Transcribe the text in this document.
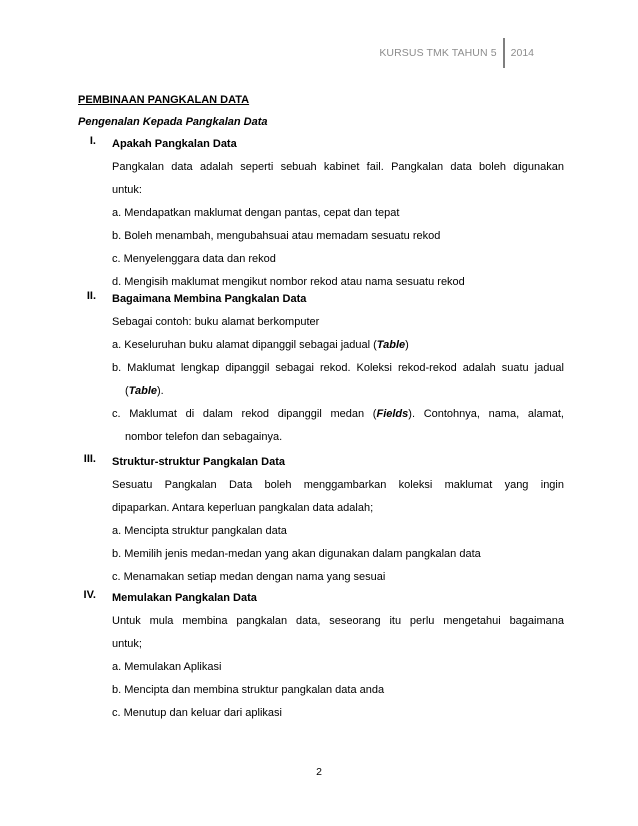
KURSUS TMK TAHUN 5	2014
PEMBINAAN PANGKALAN DATA
Pengenalan Kepada Pangkalan Data
I. Apakah Pangkalan Data
Pangkalan data adalah seperti sebuah kabinet fail. Pangkalan data boleh digunakan
untuk:
a. Mendapatkan maklumat dengan pantas, cepat dan tepat
b. Boleh menambah, mengubahsuai atau memadam sesuatu rekod
c. Menyelenggara data dan rekod
d. Mengisih maklumat mengikut nombor rekod atau nama sesuatu rekod
II. Bagaimana Membina Pangkalan Data
Sebagai contoh: buku alamat berkomputer
a. Keseluruhan buku alamat dipanggil sebagai jadual (Table)
b. Maklumat lengkap dipanggil sebagai rekod. Koleksi rekod-rekod adalah suatu jadual
(Table).
c. Maklumat di dalam rekod dipanggil medan (Fields). Contohnya, nama, alamat,
nombor telefon dan sebagainya.
III. Struktur-struktur Pangkalan Data
Sesuatu Pangkalan Data boleh menggambarkan koleksi maklumat yang ingin
dipaparkan. Antara keperluan pangkalan data adalah;
a. Mencipta struktur pangkalan data
b. Memilih jenis medan-medan yang akan digunakan dalam pangkalan data
c. Menamakan setiap medan dengan nama yang sesuai
IV. Memulakan Pangkalan Data
Untuk mula membina pangkalan data, seseorang itu perlu mengetahui bagaimana
untuk;
a. Memulakan Aplikasi
b. Mencipta dan membina struktur pangkalan data anda
c. Menutup dan keluar dari aplikasi
2
